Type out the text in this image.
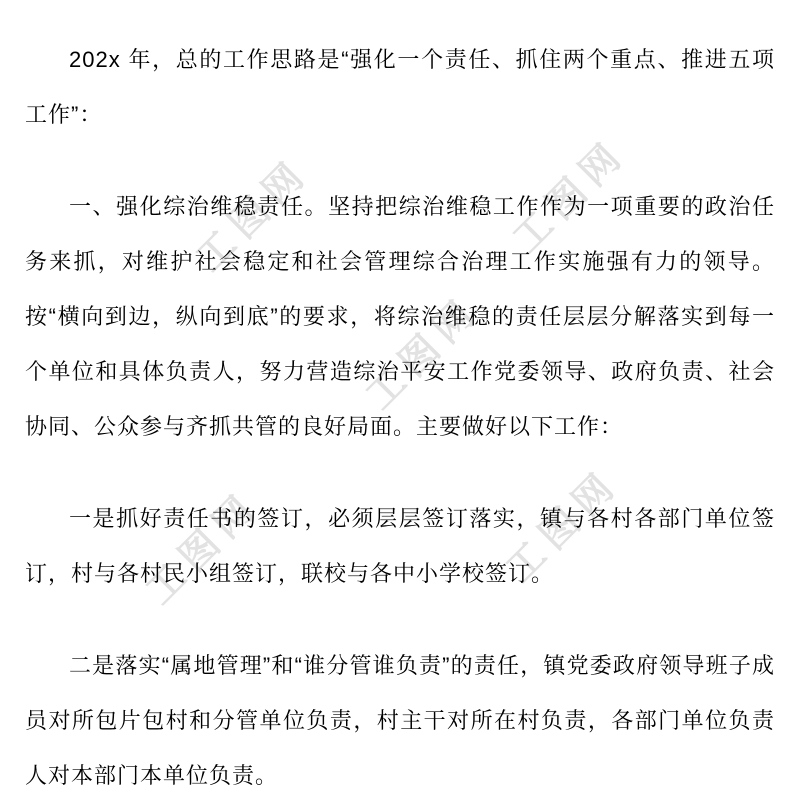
工图网	工图网
工图网
工图网	工图网

202x 年，总的工作思路是“强化一个责任、抓住两个重点、推进五项工作”：

一、强化综治维稳责任。坚持把综治维稳工作作为一项重要的政治任务来抓，对维护社会稳定和社会管理综合治理工作实施强有力的领导。按“横向到边，纵向到底”的要求，将综治维稳的责任层层分解落实到每一个单位和具体负责人，努力营造综治平安工作党委领导、政府负责、社会协同、公众参与齐抓共管的良好局面。主要做好以下工作：

一是抓好责任书的签订，必须层层签订落实，镇与各村各部门单位签订，村与各村民小组签订，联校与各中小学校签订。

二是落实“属地管理”和“谁分管谁负责”的责任，镇党委政府领导班子成员对所包片包村和分管单位负责，村主干对所在村负责，各部门单位负责人对本部门本单位负责。
